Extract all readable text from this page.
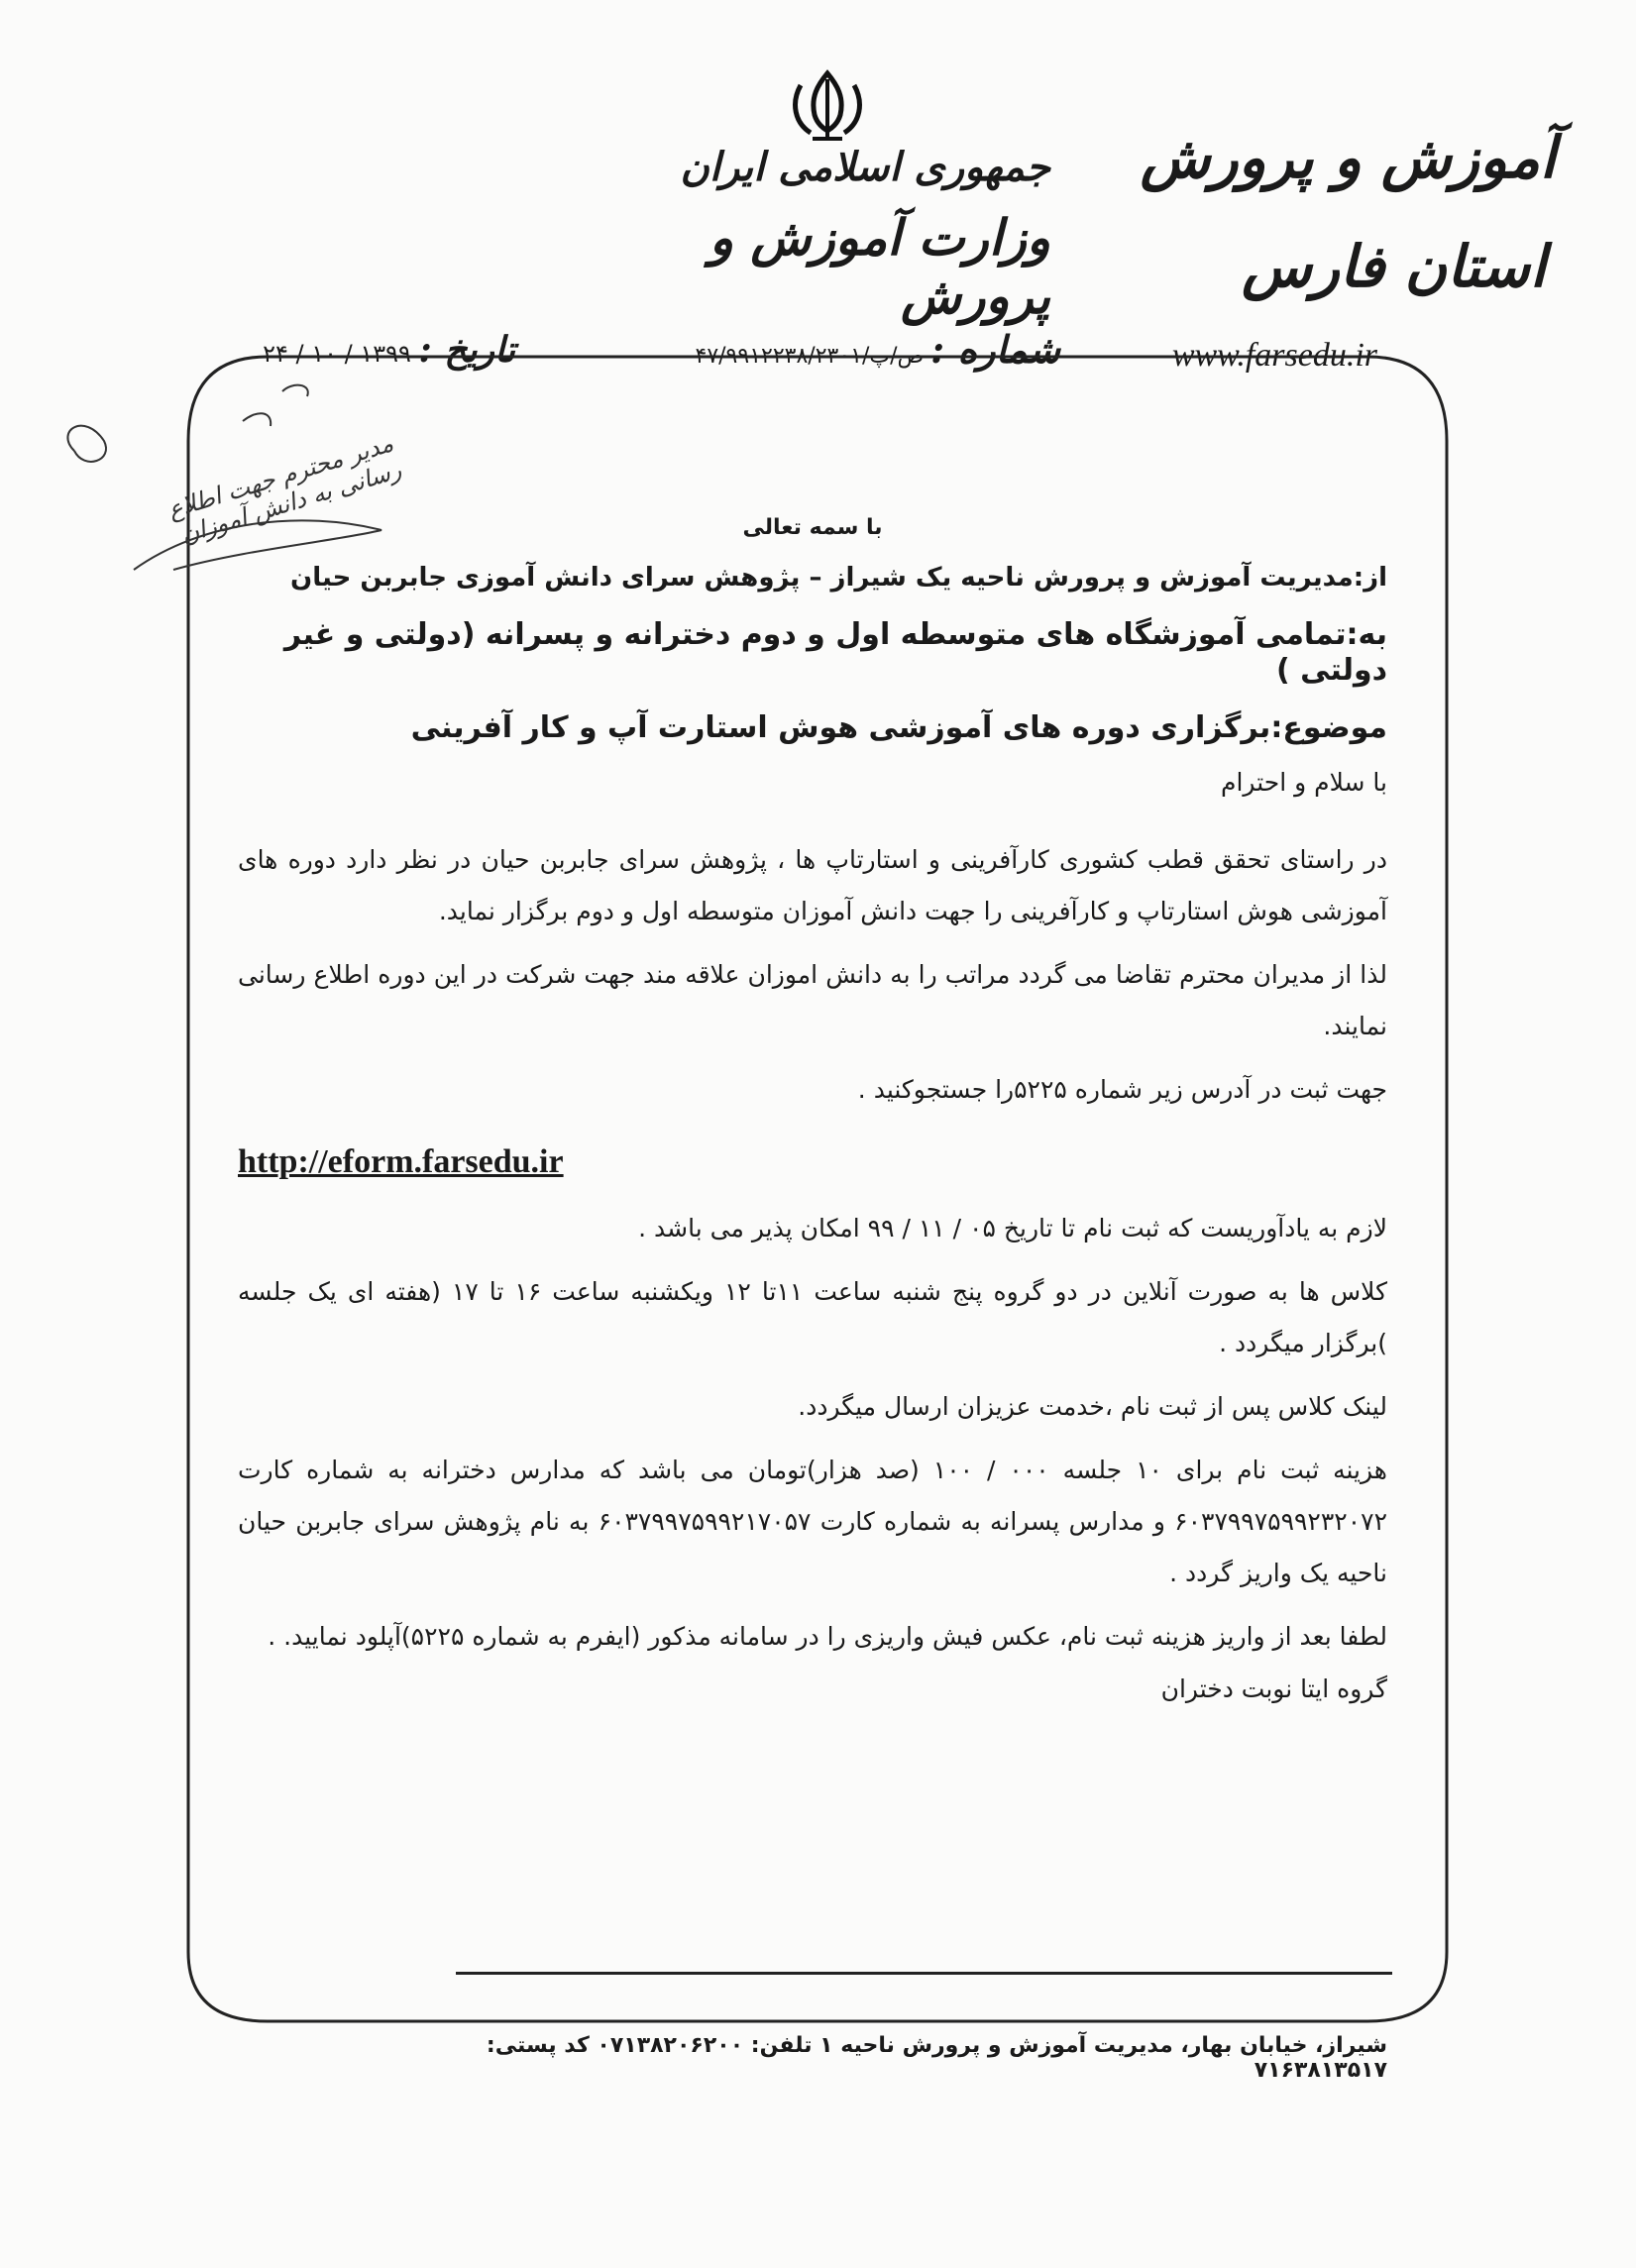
جمهوری اسلامی ایران
وزارت آموزش و پرورش
آموزش و پرورش
استان فارس
تاریخ : ۱۳۹۹ / ۱۰ / ۲۴	شماره : ص/پ/۴۷/۹۹۱۲۲۳۸/۲۳۰۱	www.farsedu.ir
مدیر محترم جهت اطلاع رسانی به دانش آموزان	با سمه تعالی
از:مدیریت آموزش و پرورش ناحیه یک شیراز – پژوهش سرای دانش آموزی جابربن حیان
به:تمامی آموزشگاه های متوسطه اول و دوم دخترانه و پسرانه (دولتی و غیر دولتی )
موضوع:برگزاری دوره های آموزشی هوش استارت آپ و کار آفرینی
با سلام و احترام
در راستای تحقق قطب کشوری کارآفرینی و استارتاپ ها ، پژوهش سرای جابربن حیان در نظر دارد دوره های آموزشی هوش استارتاپ و کارآفرینی را جهت دانش آموزان متوسطه اول و دوم برگزار نماید.
لذا از مدیران محترم تقاضا می گردد مراتب را به دانش اموزان علاقه مند جهت شرکت در این دوره اطلاع رسانی نمایند.
جهت ثبت در آدرس زیر شماره ۵۲۲۵را جستجوکنید .
http://eform.farsedu.ir
لازم به یادآوریست که ثبت نام تا تاریخ ۰۵ / ۱۱ / ۹۹ امکان پذیر می باشد .
کلاس ها به صورت آنلاین در دو گروه پنج شنبه ساعت ۱۱تا ۱۲ ویکشنبه ساعت ۱۶ تا ۱۷ (هفته ای یک جلسه )برگزار میگردد .
لینک کلاس پس از ثبت نام ،خدمت عزیزان ارسال میگردد.
هزینه ثبت نام برای ۱۰ جلسه ۰۰۰ / ۱۰۰ (صد هزار)تومان می باشد که مدارس دخترانه به شماره کارت ۶۰۳۷۹۹۷۵۹۹۲۳۲۰۷۲ و مدارس پسرانه به شماره کارت ۶۰۳۷۹۹۷۵۹۹۲۱۷۰۵۷ به نام پژوهش سرای جابربن حیان ناحیه یک واریز گردد .
لطفا بعد از واریز هزینه ثبت نام، عکس فیش واریزی را در سامانه مذکور (ایفرم به شماره ۵۲۲۵)آپلود نمایید. .
گروه ایتا نوبت دختران
شیراز، خیابان بهار، مدیریت آموزش و پرورش ناحیه ۱ تلفن: ۰۷۱۳۸۲۰۶۲۰۰ کد پستی: ۷۱۶۳۸۱۳۵۱۷
